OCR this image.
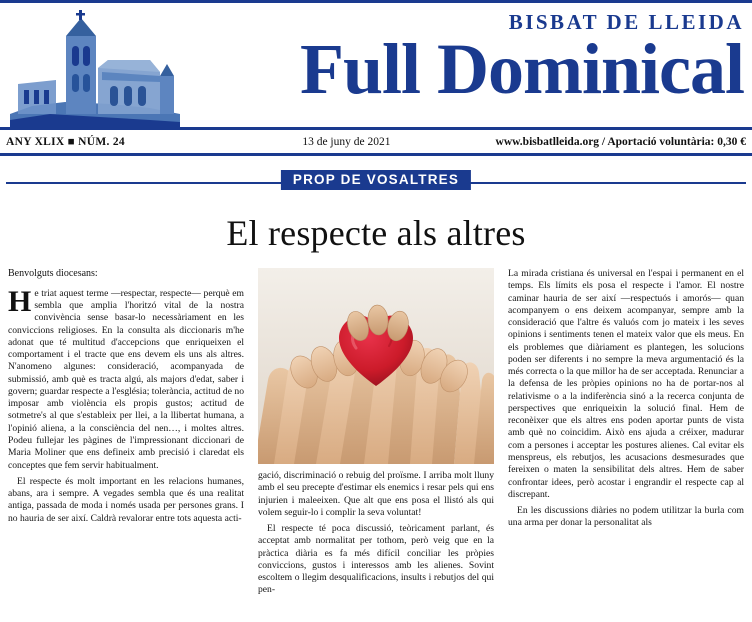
BISBAT DE LLEIDA
Full Dominical
ANY XLIX ■ NÚM. 24	13 de juny de 2021	www.bisbatlleida.org / Aportació voluntària: 0,30 €
PROP DE VOSALTRES
El respecte als altres

Benvolguts diocesans:

He triat aquest terme —respectar, respecte— perquè em sembla que amplia l'horitzó vital de la nostra convivència sense basar-lo necessàriament en les conviccions religioses. En la consulta als diccionaris m'he adonat que té multitud d'accepcions que enriqueixen el comportament i el tracte que ens devem els uns als altres. N'anomeno algunes: consideració, acompanyada de submissió, amb què es tracta algú, als majors d'edat, saber i govern; guardar respecte a l'església; tolerància, actitud de no imposar amb violència els propis gustos; actitud de sotmetre's al que s'estableix per llei, a la llibertat humana, a l'opinió aliena, a la consciència del nen…, i moltes altres. Podeu fullejar les pàgines de l'impressionant diccionari de Maria Moliner que ens defineix amb precisió i claredat els conceptes que fem servir habitualment.

El respecte és molt important en les relacions humanes, abans, ara i sempre. A vegades sembla que és una realitat antiga, passada de moda i només usada per persones grans. I no hauria de ser així. Caldrà revalorar entre tots aquesta acti-

gació, discriminació o rebuig del proïsme. I arriba molt lluny amb el seu precepte d'estimar els enemics i resar pels qui ens injurien i maleeixen. Que alt que ens posa el llistó als qui volem seguir-lo i complir la seva voluntat!

El respecte té poca discussió, teòricament parlant, és acceptat amb normalitat per tothom, però veig que en la pràctica diària es fa més difícil conciliar les pròpies conviccions, gustos i interessos amb les alienes. Sovint escoltem o llegim desqualificacions, insults i rebutjos del qui pen-

La mirada cristiana és universal en l'espai i permanent en el temps. Els límits els posa el respecte i l'amor. El nostre caminar hauria de ser així —respectuós i amorós— quan acompanyem o ens deixem acompanyar, sempre amb la consideració que l'altre és valuós com jo mateix i les seves opinions i sentiments tenen el mateix valor que els meus. En els problemes que diàriament es plantegen, les solucions poden ser diferents i no sempre la meva argumentació és la més correcta o la que millor ha de ser acceptada. Renunciar a la defensa de les pròpies opinions no ha de portar-nos al relativisme o a la indiferència sinó a la recerca conjunta de perspectives que enriqueixin la solució final. Hem de reconèixer que els altres ens poden aportar punts de vista amb què no coincidim. Això ens ajuda a créixer, madurar com a persones i acceptar les postures alienes. Cal evitar els menspreus, els rebutjos, les acusacions desmesurades que fereixen o maten la sensibilitat dels altres. Hem de saber confrontar idees, però acostar i engrandir el respecte cap al discrepant.

En les discussions diàries no podem utilitzar la burla com una arma per donar la personalitat als
